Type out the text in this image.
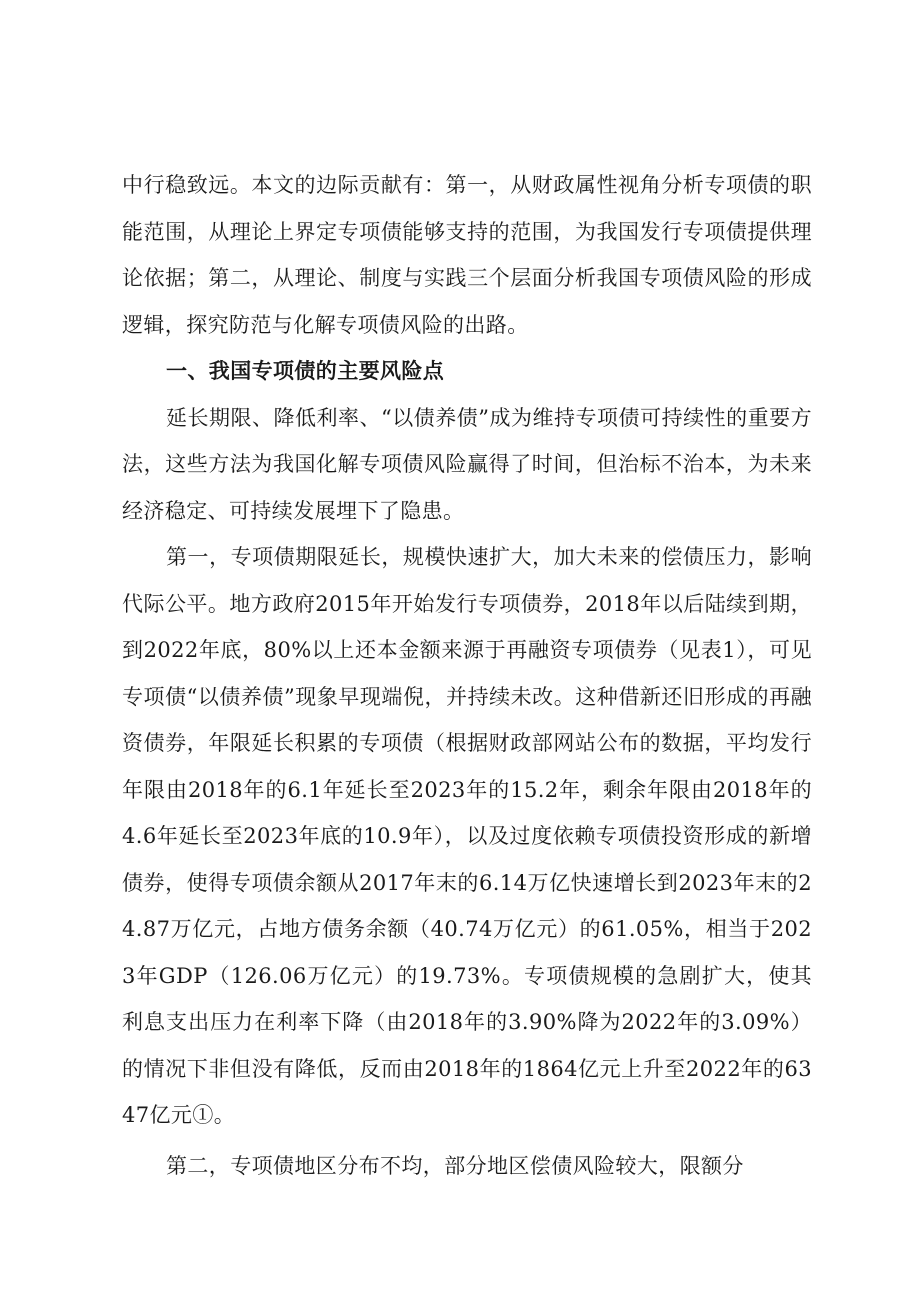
中行稳致远。本文的边际贡献有：第一，从财政属性视角分析专项债的职能范围，从理论上界定专项债能够支持的范围，为我国发行专项债提供理论依据；第二，从理论、制度与实践三个层面分析我国专项债风险的形成逻辑，探究防范与化解专项债风险的出路。

一、我国专项债的主要风险点

延长期限、降低利率、“以债养债”成为维持专项债可持续性的重要方法，这些方法为我国化解专项债风险赢得了时间，但治标不治本，为未来经济稳定、可持续发展埋下了隐患。

第一，专项债期限延长，规模快速扩大，加大未来的偿债压力，影响代际公平。地方政府2015年开始发行专项债券，2018年以后陆续到期，到2022年底，80%以上还本金额来源于再融资专项债券（见表1），可见专项债“以债养债”现象早现端倪，并持续未改。这种借新还旧形成的再融资债券，年限延长积累的专项债（根据财政部网站公布的数据，平均发行年限由2018年的6.1年延长至2023年的15.2年，剩余年限由2018年的4.6年延长至2023年底的10.9年），以及过度依赖专项债投资形成的新增债券，使得专项债余额从2017年末的6.14万亿快速增长到2023年末的24.87万亿元，占地方债务余额（40.74万亿元）的61.05%，相当于2023年GDP（126.06万亿元）的19.73%。专项债规模的急剧扩大，使其利息支出压力在利率下降（由2018年的3.90%降为2022年的3.09%）的情况下非但没有降低，反而由2018年的1864亿元上升至2022年的6347亿元①。

第二，专项债地区分布不均，部分地区偿债风险较大，限额分
